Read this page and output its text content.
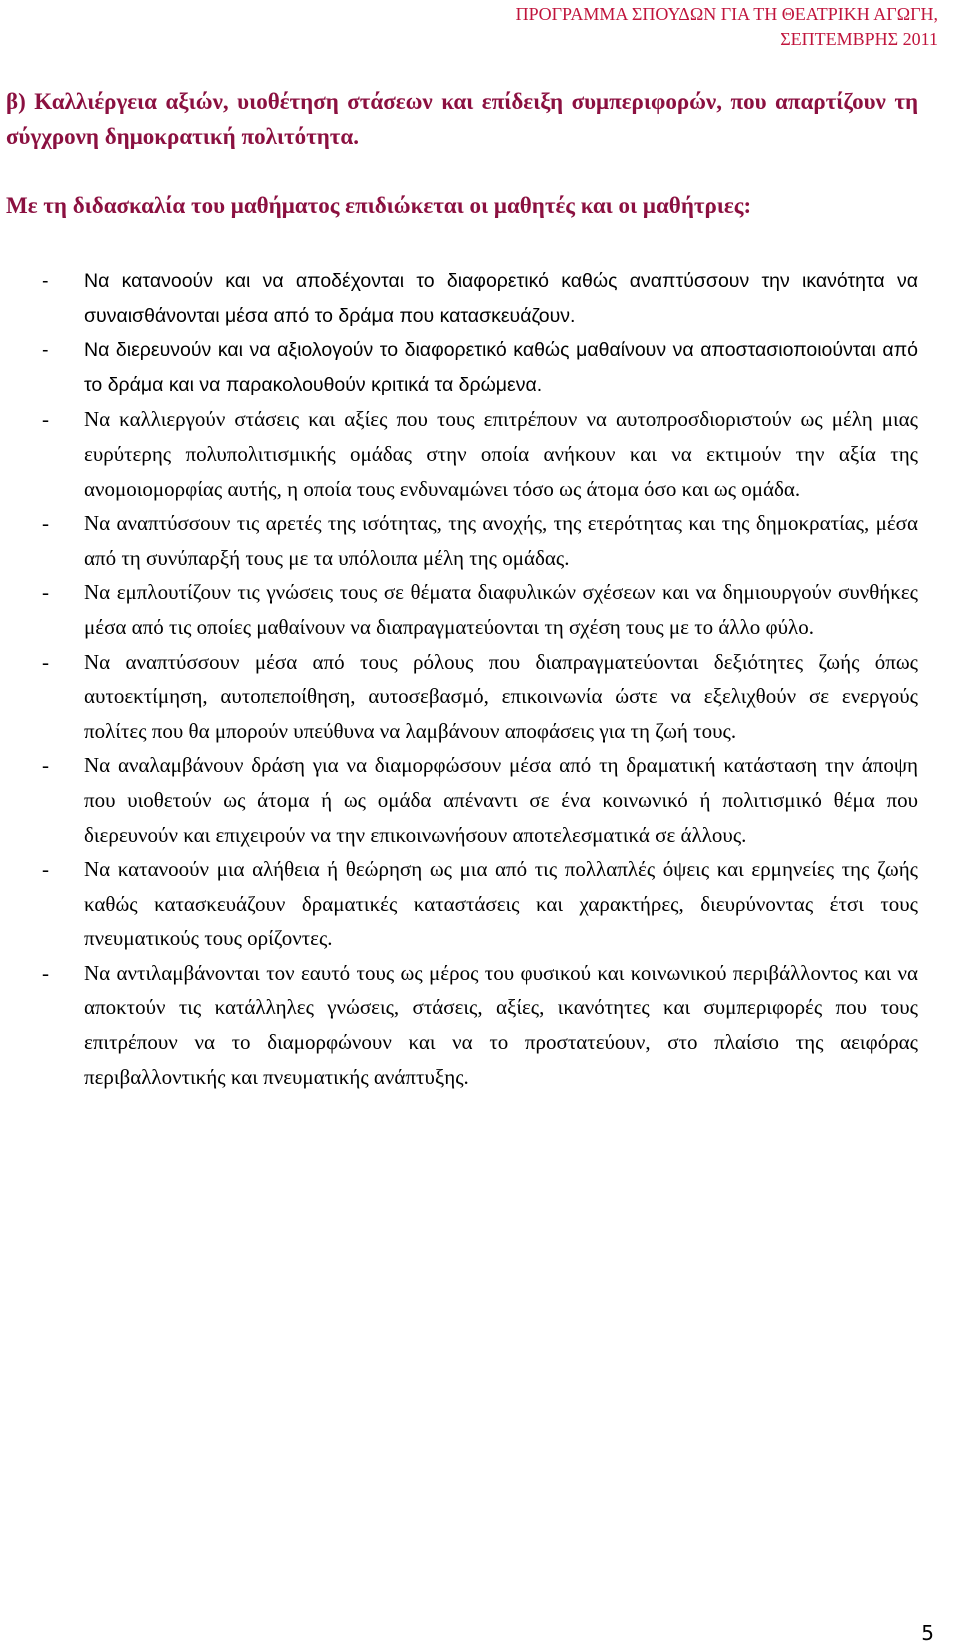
ΠΡΟΓΡΑΜΜΑ ΣΠΟΥΔΩΝ ΓΙΑ ΤΗ ΘΕΑΤΡΙΚΗ ΑΓΩΓΗ,
ΣΕΠΤΕΜΒΡΗΣ 2011
β) Καλλιέργεια αξιών, υιοθέτηση στάσεων και επίδειξη συμπεριφορών, που απαρτίζουν τη σύγχρονη δημοκρατική πολιτότητα.
Με τη διδασκαλία του μαθήματος επιδιώκεται οι μαθητές και οι μαθήτριες:
- Να κατανοούν και να αποδέχονται το διαφορετικό καθώς αναπτύσσουν την ικανότητα να συναισθάνονται μέσα από το δράμα που κατασκευάζουν.
- Να διερευνούν και να αξιολογούν το διαφορετικό καθώς μαθαίνουν να αποστασιοποιούνται από το δράμα και να παρακολουθούν κριτικά τα δρώμενα.
- Να καλλιεργούν στάσεις και αξίες που τους επιτρέπουν να αυτοπροσδιοριστούν ως μέλη μιας ευρύτερης πολυπολιτισμικής ομάδας στην οποία ανήκουν και να εκτιμούν την αξία της ανομοιομορφίας αυτής, η οποία τους ενδυναμώνει τόσο ως άτομα όσο και ως ομάδα.
- Να αναπτύσσουν τις αρετές της ισότητας, της ανοχής, της ετερότητας και της δημοκρατίας, μέσα από τη συνύπαρξή τους με τα υπόλοιπα μέλη της ομάδας.
- Να εμπλουτίζουν τις γνώσεις τους σε θέματα διαφυλικών σχέσεων και να δημιουργούν συνθήκες μέσα από τις οποίες μαθαίνουν να διαπραγματεύονται τη σχέση τους με το άλλο φύλο.
- Να αναπτύσσουν μέσα από τους ρόλους που διαπραγματεύονται δεξιότητες ζωής όπως αυτοεκτίμηση, αυτοπεποίθηση, αυτοσεβασμό, επικοινωνία ώστε να εξελιχθούν σε ενεργούς πολίτες που θα μπορούν υπεύθυνα να λαμβάνουν αποφάσεις για τη ζωή τους.
- Να αναλαμβάνουν δράση για να διαμορφώσουν μέσα από τη δραματική κατάσταση την άποψη που υιοθετούν ως άτομα ή ως ομάδα απέναντι σε ένα κοινωνικό ή πολιτισμικό θέμα που διερευνούν και επιχειρούν να την επικοινωνήσουν αποτελεσματικά σε άλλους.
- Να κατανοούν μια αλήθεια ή θεώρηση ως μια από τις πολλαπλές όψεις και ερμηνείες της ζωής καθώς κατασκευάζουν δραματικές καταστάσεις και χαρακτήρες, διευρύνοντας έτσι τους πνευματικούς τους ορίζοντες.
- Να αντιλαμβάνονται τον εαυτό τους ως μέρος του φυσικού και κοινωνικού περιβάλλοντος και να αποκτούν τις κατάλληλες γνώσεις, στάσεις, αξίες, ικανότητες και συμπεριφορές που τους επιτρέπουν να το διαμορφώνουν και να το προστατεύουν, στο πλαίσιο της αειφόρας περιβαλλοντικής και πνευματικής ανάπτυξης.
5
